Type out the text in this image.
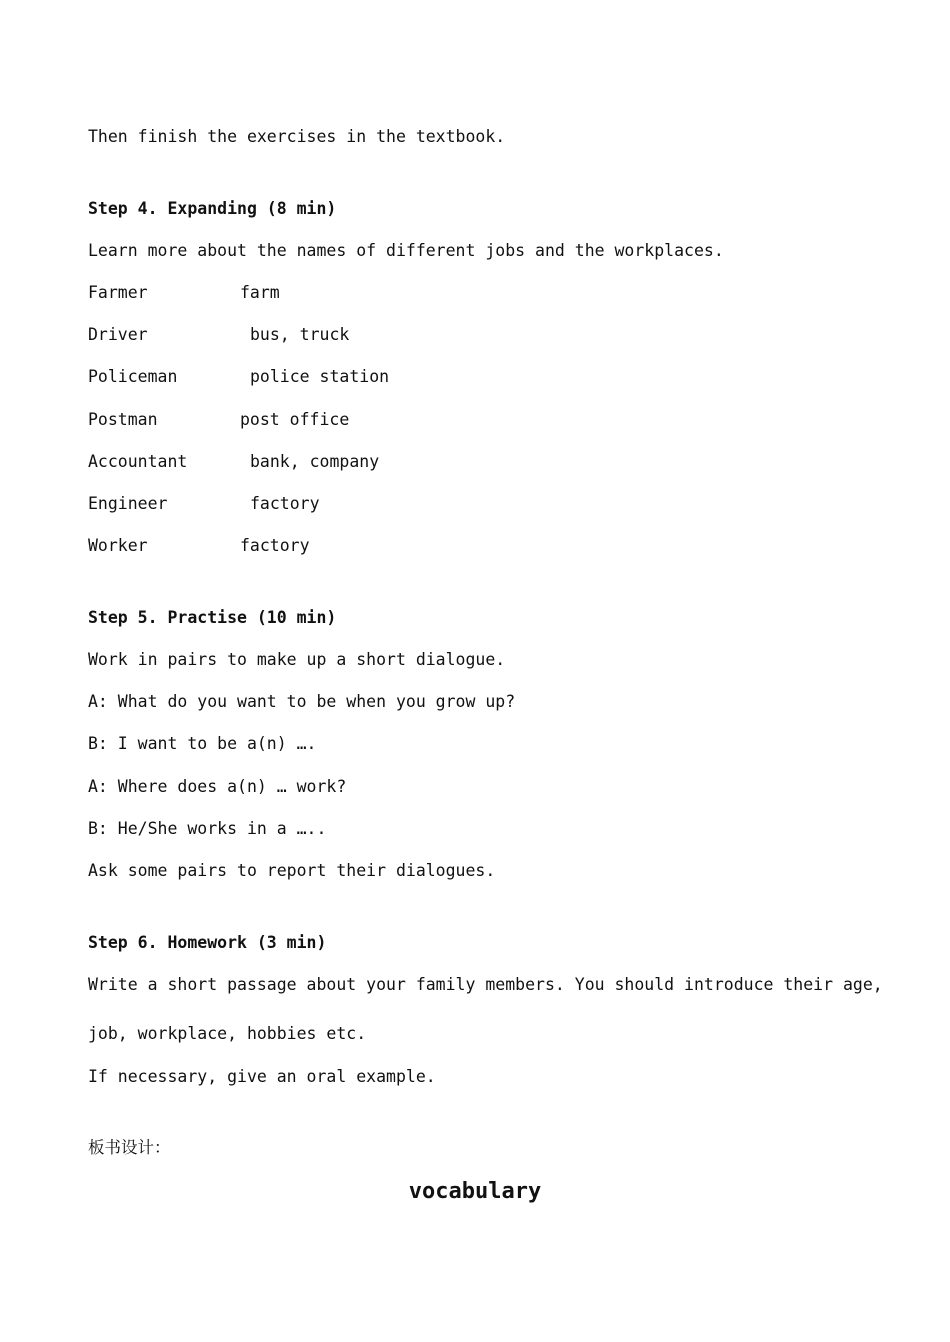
Then finish the exercises in the textbook.
Step 4. Expanding (8 min)
Learn more about the names of different jobs and the workplaces.
Farmer	farm
Driver	bus, truck
Policeman	police station
Postman	post office
Accountant	bank, company
Engineer	factory
Worker	factory
Step 5. Practise (10 min)
Work in pairs to make up a short dialogue.
A: What do you want to be when you grow up?
B: I want to be a(n) ….
A: Where does a(n) … work?
B: He/She works in a …..
Ask some pairs to report their dialogues.
Step 6. Homework (3 min)
Write a short passage about your family members. You should introduce their age,
job, workplace, hobbies etc.
If necessary, give an oral example.
板书设计：
vocabulary
